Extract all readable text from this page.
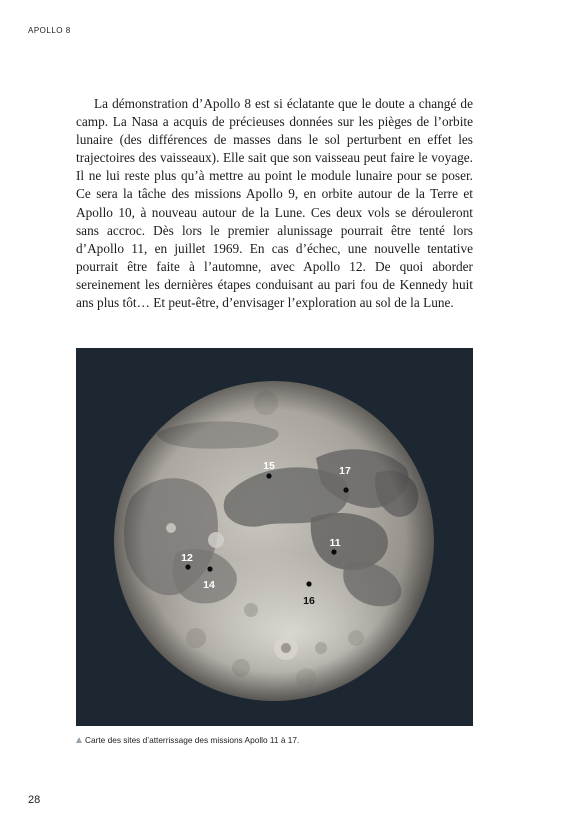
APOLLO 8

La démonstration d’Apollo 8 est si éclatante que le doute a changé de camp. La Nasa a acquis de précieuses données sur les pièges de l’orbite lunaire (des différences de masses dans le sol perturbent en effet les trajectoires des vaisseaux). Elle sait que son vaisseau peut faire le voyage. Il ne lui reste plus qu’à mettre au point le module lunaire pour se poser. Ce sera la tâche des missions Apollo 9, en orbite autour de la Terre et Apollo 10, à nouveau autour de la Lune. Ces deux vols se dérouleront sans accroc. Dès lors le premier alunissage pourrait être tenté lors d’Apollo 11, en juillet 1969. En cas d’échec, une nouvelle tentative pourrait être faite à l’automne, avec Apollo 12. De quoi aborder sereinement les dernières étapes conduisant au pari fou de Kennedy huit ans plus tôt… Et peut-être, d’envisager l’exploration au sol de la Lune.

15	17
11
12
14
16
Carte des sites d’atterrissage des missions Apollo 11 à 17.
28
